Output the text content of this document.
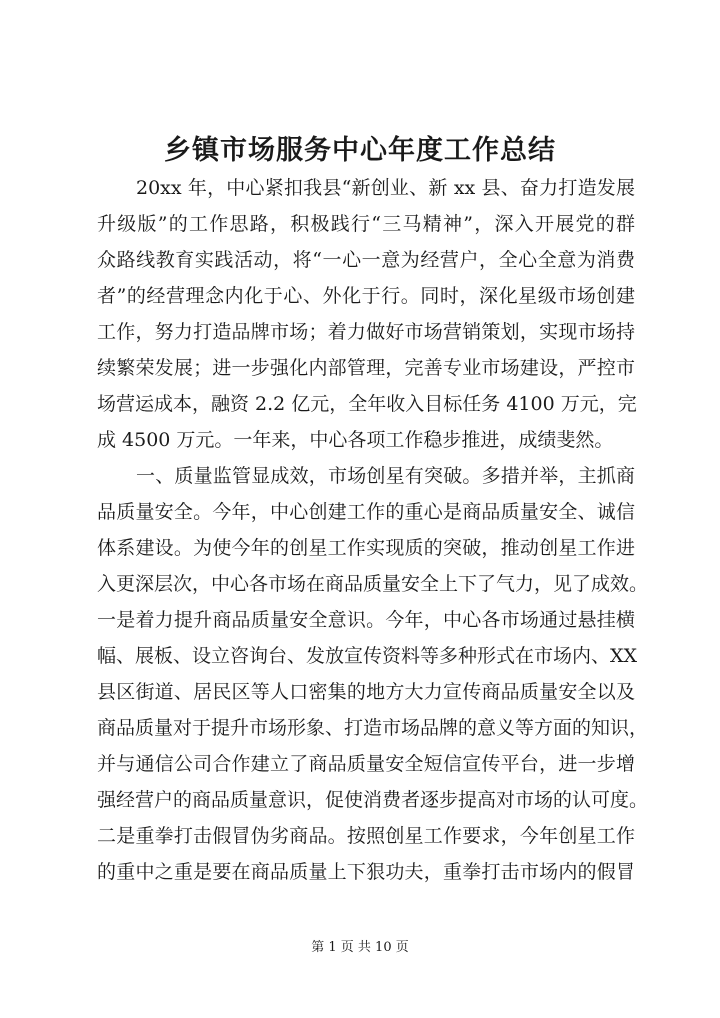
乡镇市场服务中心年度工作总结
20xx 年，中心紧扣我县“新创业、新 xx 县、奋力打造发展
升级版”的工作思路，积极践行“三马精神”，深入开展党的群
众路线教育实践活动，将“一心一意为经营户，全心全意为消费
者”的经营理念内化于心、外化于行。同时，深化星级市场创建
工作，努力打造品牌市场；着力做好市场营销策划，实现市场持
续繁荣发展；进一步强化内部管理，完善专业市场建设，严控市
场营运成本，融资 2.2 亿元，全年收入目标任务 4100 万元，完
成 4500 万元。一年来，中心各项工作稳步推进，成绩斐然。
一、质量监管显成效，市场创星有突破。多措并举，主抓商
品质量安全。今年，中心创建工作的重心是商品质量安全、诚信
体系建设。为使今年的创星工作实现质的突破，推动创星工作进
入更深层次，中心各市场在商品质量安全上下了气力，见了成效。
一是着力提升商品质量安全意识。今年，中心各市场通过悬挂横
幅、展板、设立咨询台、发放宣传资料等多种形式在市场内、XX
县区街道、居民区等人口密集的地方大力宣传商品质量安全以及
商品质量对于提升市场形象、打造市场品牌的意义等方面的知识，
并与通信公司合作建立了商品质量安全短信宣传平台，进一步增
强经营户的商品质量意识，促使消费者逐步提高对市场的认可度。
二是重拳打击假冒伪劣商品。按照创星工作要求，今年创星工作
的重中之重是要在商品质量上下狠功夫，重拳打击市场内的假冒
第 1 页 共 10 页
